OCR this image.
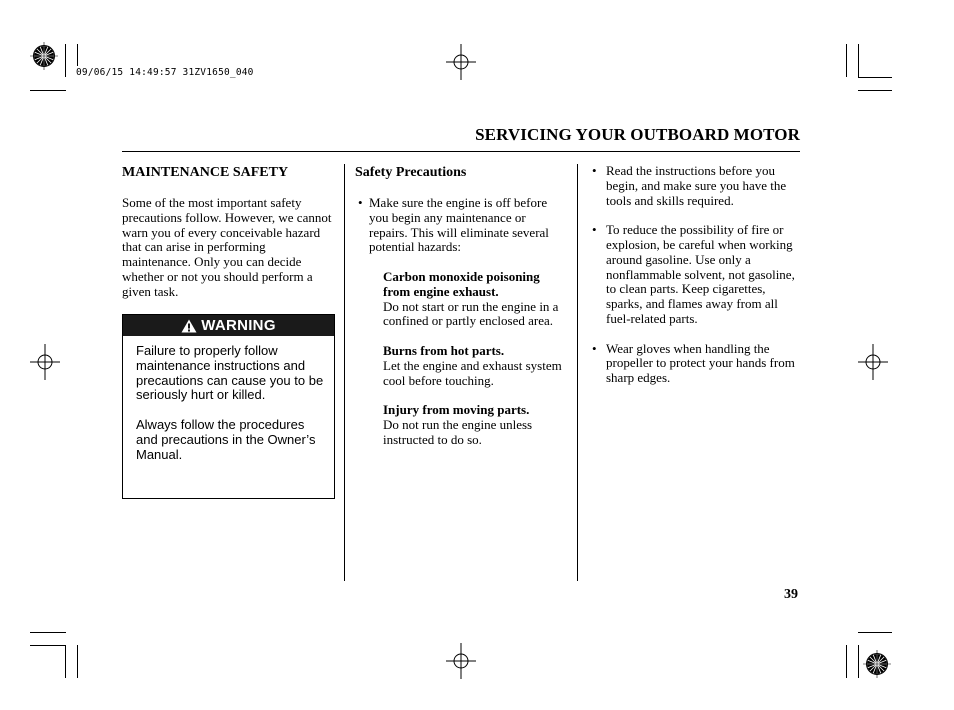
09/06/15 14:49:57 31ZV1650_040
SERVICING YOUR OUTBOARD MOTOR
MAINTENANCE SAFETY

Some of the most important safety precautions follow. However, we cannot warn you of every conceivable hazard that can arise in performing maintenance. Only you can decide whether or not you should perform a given task.

WARNING

Failure to properly follow maintenance instructions and precautions can cause you to be seriously hurt or killed.

Always follow the procedures and precautions in the Owner’s Manual.

Safety Precautions
• Make sure the engine is off before you begin any maintenance or repairs. This will eliminate several potential hazards:
Carbon monoxide poisoning from engine exhaust.
Do not start or run the engine in a confined or partly enclosed area.
Burns from hot parts.
Let the engine and exhaust system cool before touching.
Injury from moving parts.
Do not run the engine unless instructed to do so.
• Read the instructions before you begin, and make sure you have the tools and skills required.
• To reduce the possibility of fire or explosion, be careful when working around gasoline. Use only a nonflammable solvent, not gasoline, to clean parts. Keep cigarettes, sparks, and flames away from all fuel-related parts.
• Wear gloves when handling the propeller to protect your hands from sharp edges.
39
